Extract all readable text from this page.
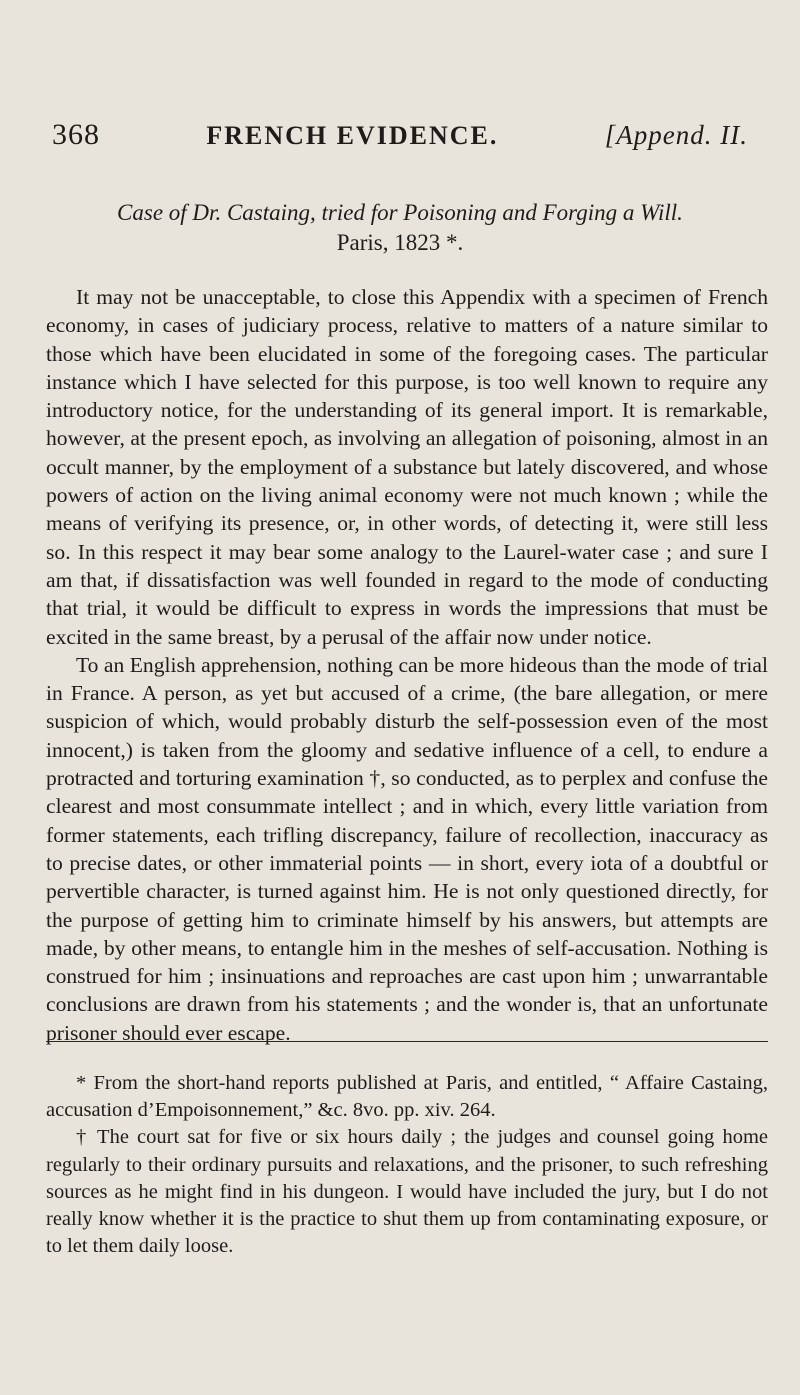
368	FRENCH EVIDENCE.	[Append. II.
Case of Dr. Castaing, tried for Poisoning and Forging a Will.
Paris, 1823 *.

It may not be unacceptable, to close this Appendix with a specimen of French economy, in cases of judiciary process, relative to matters of a nature similar to those which have been elucidated in some of the foregoing cases. The particular instance which I have selected for this purpose, is too well known to require any introductory notice, for the understanding of its general import. It is remarkable, however, at the present epoch, as involving an allegation of poisoning, almost in an occult manner, by the employment of a substance but lately discovered, and whose powers of action on the living animal economy were not much known ; while the means of verifying its presence, or, in other words, of detecting it, were still less so. In this respect it may bear some analogy to the Laurel-water case ; and sure I am that, if dissatisfaction was well founded in regard to the mode of conducting that trial, it would be difficult to express in words the impressions that must be excited in the same breast, by a perusal of the affair now under notice.

To an English apprehension, nothing can be more hideous than the mode of trial in France. A person, as yet but accused of a crime, (the bare allegation, or mere suspicion of which, would probably disturb the self-possession even of the most innocent,) is taken from the gloomy and sedative influence of a cell, to endure a protracted and torturing examination †, so conducted, as to perplex and confuse the clearest and most consummate intellect ; and in which, every little variation from former statements, each trifling discrepancy, failure of recollection, inaccuracy as to precise dates, or other immaterial points — in short, every iota of a doubtful or pervertible character, is turned against him. He is not only questioned directly, for the purpose of getting him to criminate himself by his answers, but attempts are made, by other means, to entangle him in the meshes of self-accusation. Nothing is construed for him ; insinuations and reproaches are cast upon him ; unwarrantable conclusions are drawn from his statements ; and the wonder is, that an unfortunate prisoner should ever escape.

* From the short-hand reports published at Paris, and entitled, “ Affaire Castaing, accusation d’Empoisonnement,” &c. 8vo. pp. xiv. 264.

† The court sat for five or six hours daily ; the judges and counsel going home regularly to their ordinary pursuits and relaxations, and the prisoner, to such refreshing sources as he might find in his dungeon. I would have included the jury, but I do not really know whether it is the practice to shut them up from contaminating exposure, or to let them daily loose.
